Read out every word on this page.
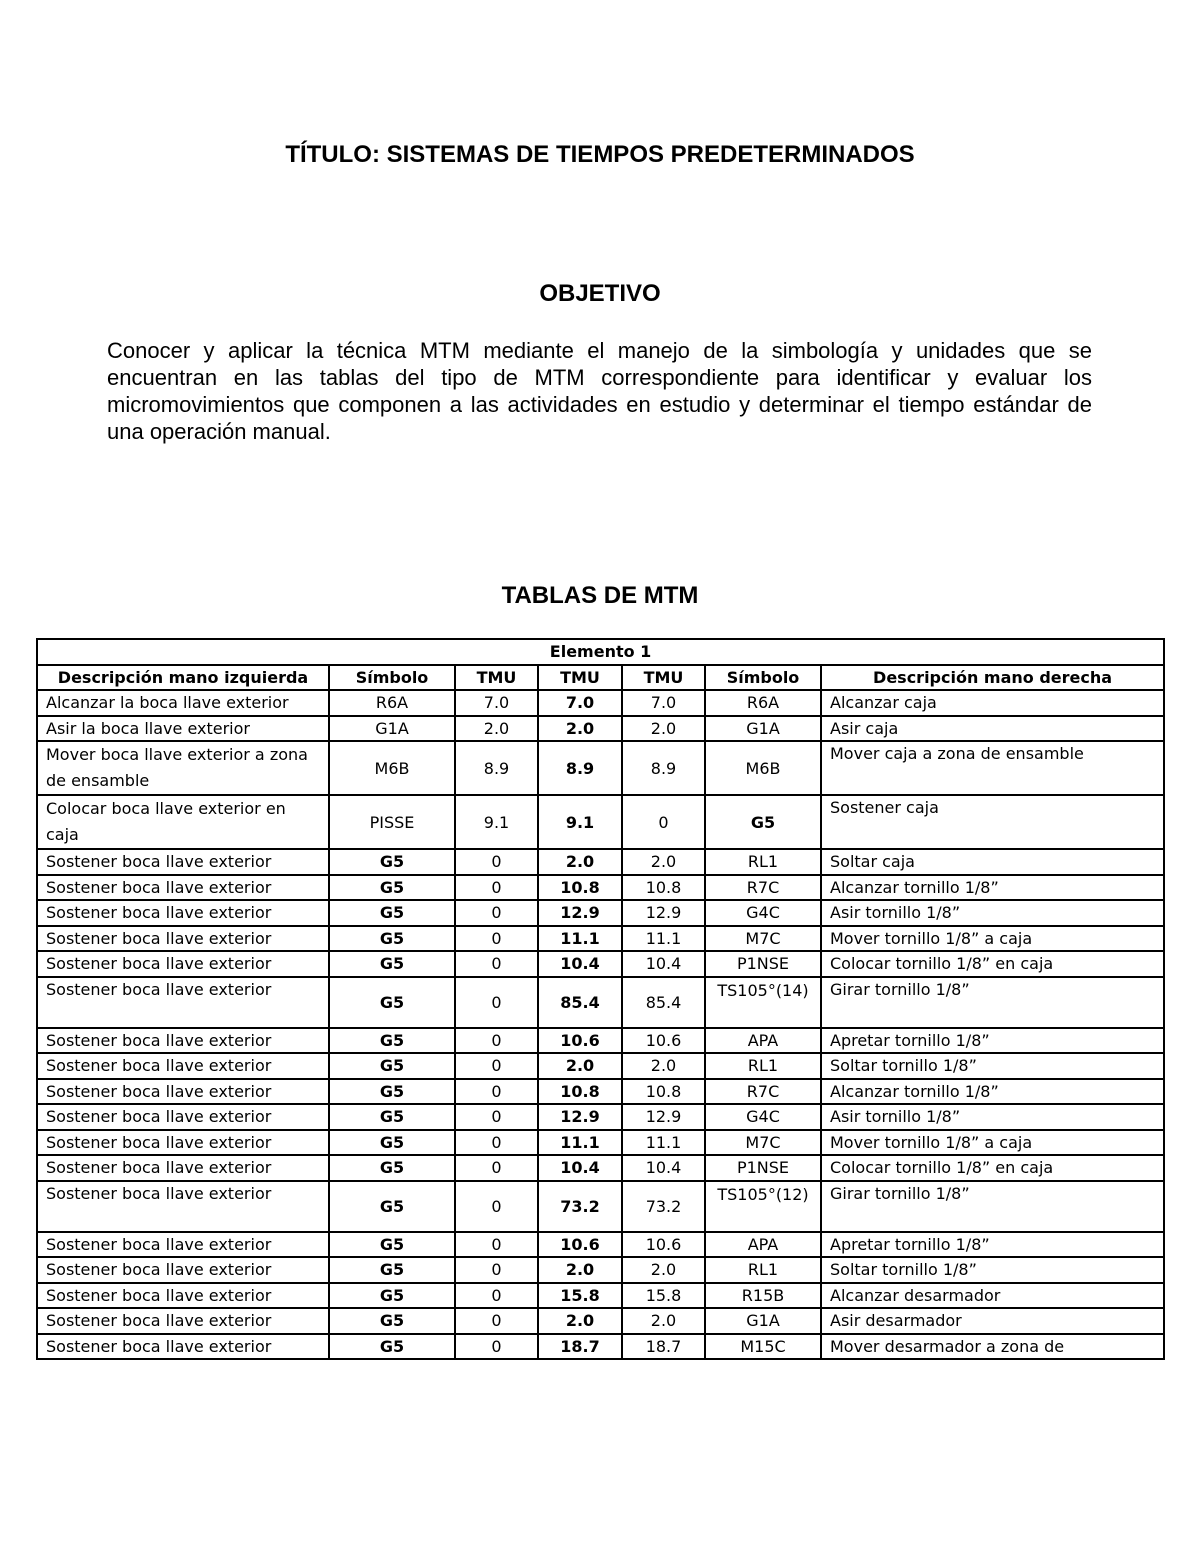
TÍTULO: SISTEMAS DE TIEMPOS PREDETERMINADOS
OBJETIVO
Conocer y aplicar la técnica MTM mediante el manejo de la simbología y unidades que se encuentran en las tablas del tipo de MTM correspondiente para identificar y evaluar los micromovimientos que componen a las actividades en estudio y determinar el tiempo estándar de una operación manual.
TABLAS DE MTM
Elemento 1						
Descripción mano izquierda	Símbolo	TMU	TMU	TMU	Símbolo	Descripción mano derecha
Alcanzar la boca llave exterior	R6A	7.0	7.0	7.0	R6A	Alcanzar caja
Asir la boca llave exterior	G1A	2.0	2.0	2.0	G1A	Asir caja
Mover boca llave exterior a zona de ensamble	M6B	8.9	8.9	8.9	M6B	Mover caja a zona de ensamble
Colocar boca llave exterior en caja	PISSE	9.1	9.1	0	G5	Sostener caja
Sostener boca llave exterior	G5	0	2.0	2.0	RL1	Soltar caja
Sostener boca llave exterior	G5	0	10.8	10.8	R7C	Alcanzar tornillo 1/8”
Sostener boca llave exterior	G5	0	12.9	12.9	G4C	Asir tornillo 1/8”
Sostener boca llave exterior	G5	0	11.1	11.1	M7C	Mover tornillo 1/8” a caja
Sostener boca llave exterior	G5	0	10.4	10.4	P1NSE	Colocar tornillo 1/8” en caja
Sostener boca llave exterior	G5	0	85.4	85.4	TS105°(14)	Girar tornillo 1/8”
Sostener boca llave exterior	G5	0	10.6	10.6	APA	Apretar tornillo 1/8”
Sostener boca llave exterior	G5	0	2.0	2.0	RL1	Soltar tornillo 1/8”
Sostener boca llave exterior	G5	0	10.8	10.8	R7C	Alcanzar tornillo 1/8”
Sostener boca llave exterior	G5	0	12.9	12.9	G4C	Asir tornillo 1/8”
Sostener boca llave exterior	G5	0	11.1	11.1	M7C	Mover tornillo 1/8” a caja
Sostener boca llave exterior	G5	0	10.4	10.4	P1NSE	Colocar tornillo 1/8” en caja
Sostener boca llave exterior	G5	0	73.2	73.2	TS105°(12)	Girar tornillo 1/8”
Sostener boca llave exterior	G5	0	10.6	10.6	APA	Apretar tornillo 1/8”
Sostener boca llave exterior	G5	0	2.0	2.0	RL1	Soltar tornillo 1/8”
Sostener boca llave exterior	G5	0	15.8	15.8	R15B	Alcanzar desarmador
Sostener boca llave exterior	G5	0	2.0	2.0	G1A	Asir desarmador
Sostener boca llave exterior	G5	0	18.7	18.7	M15C	Mover desarmador a zona de
